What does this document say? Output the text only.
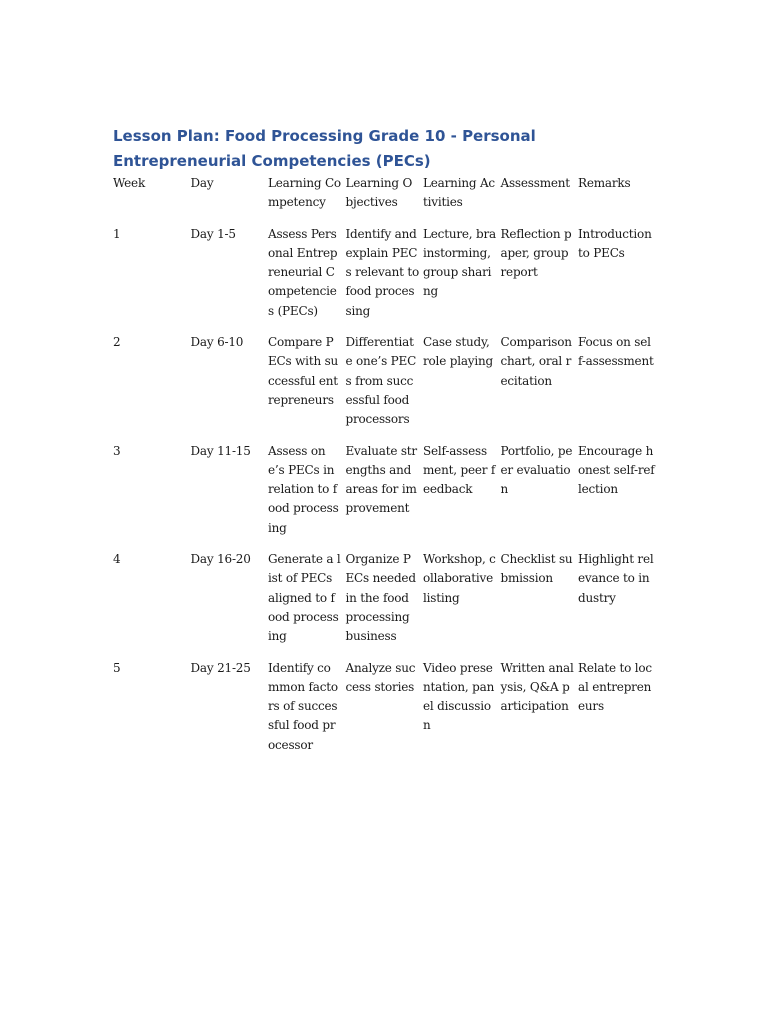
Lesson Plan: Food Processing Grade 10 - Personal Entrepreneurial Competencies (PECs)
Week	Day	Learning Competency	Learning Objectives	Learning Activities	Assessment	Remarks
1	Day 1-5	Assess Personal Entrepreneurial Competencies (PECs)	Identify and explain PECs relevant to food processing	Lecture, brainstorming, group sharing	Reflection paper, group report	Introduction to PECs
2	Day 6-10	Compare PECs with successful entrepreneurs	Differentiate one’s PECs from successful food processors	Case study, role playing	Comparison chart, oral recitation	Focus on self-assessment
3	Day 11-15	Assess one’s PECs in relation to food processing	Evaluate strengths and areas for improvement	Self-assessment, peer feedback	Portfolio, peer evaluation	Encourage honest self-reflection
4	Day 16-20	Generate a list of PECs aligned to food processing	Organize PECs needed in the food processing business	Workshop, collaborative listing	Checklist submission	Highlight relevance to industry
5	Day 21-25	Identify common factors of successful food processor	Analyze success stories	Video presentation, panel discussion	Written analysis, Q&A participation	Relate to local entrepreneurs
